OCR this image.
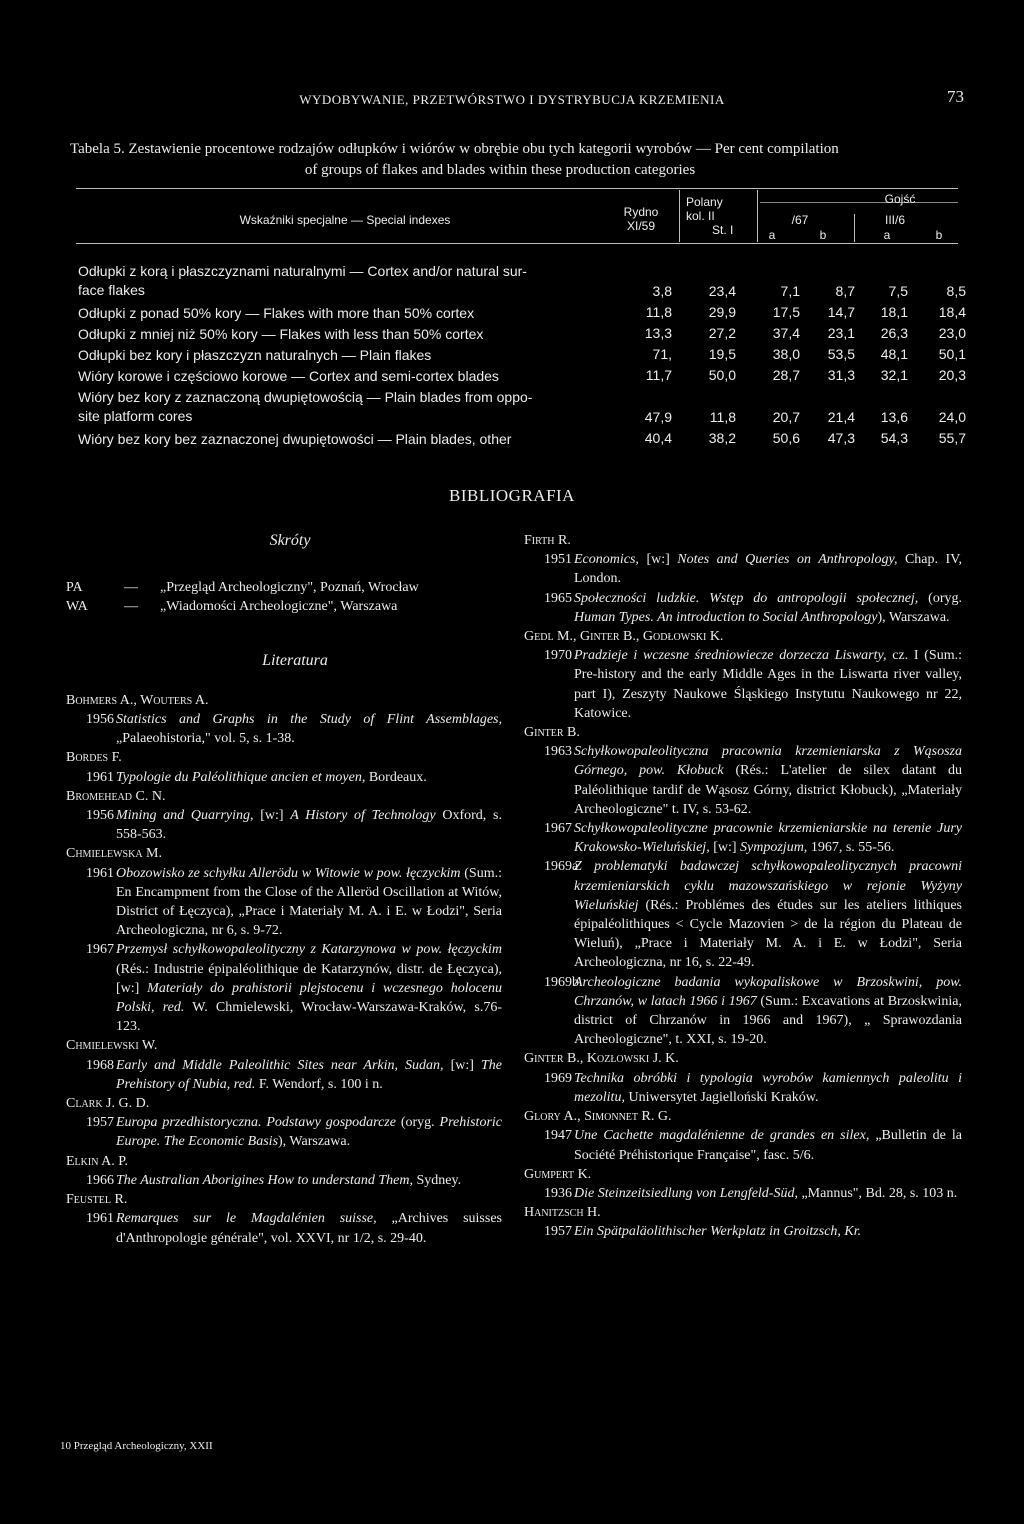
WYDOBYWANIE, PRZETWÓRSTWO I DYSTRYBUCJA KRZEMIENIA	73
Tabela 5. Zestawienie procentowe rodzajów odłupków i wiórów w obrębie obu tych kategorii wyrobów — Per cent compilation
of groups of flakes and blades within these production categories
Wskaźniki specjalne — Special indexes
Rydno
XI/59
Polany
kol. II
St. I
Gojść
/67	III/6
a	b	a	b
Odłupki z korą i płaszczyznami naturalnymi — Cortex and/or natural sur-
face flakes	3,8	23,4	7,1	8,7	7,5	8,5
Odłupki z ponad 50% kory — Flakes with more than 50% cortex	11,8	29,9	17,5	14,7	18,1	18,4
Odłupki z mniej niż 50% kory — Flakes with less than 50% cortex	13,3	27,2	37,4	23,1	26,3	23,0
Odłupki bez kory i płaszczyzn naturalnych — Plain flakes	71,	19,5	38,0	53,5	48,1	50,1
Wióry korowe i częściowo korowe — Cortex and semi-cortex blades	11,7	50,0	28,7	31,3	32,1	20,3
Wióry bez kory z zaznaczoną dwupiętowością — Plain blades from oppo-
site platform cores	47,9	11,8	20,7	21,4	13,6	24,0
Wióry bez kory bez zaznaczonej dwupiętowości — Plain blades, other	40,4	38,2	50,6	47,3	54,3	55,7
BIBLIOGRAFIA
Skróty
PA	—	„Przegląd Archeologiczny", Poznań, Wrocław
WA	—	„Wiadomości Archeologiczne", Warszawa
Literatura
Bohmers A., Wouters A.
1956 Statistics and Graphs in the Study of Flint Assemblages, „Palaeohistoria," vol. 5, s. 1-38.
Bordes F.
1961 Typologie du Paléolithique ancien et moyen, Bordeaux.
Bromehead C. N.
1956 Mining and Quarrying, [w:] A History of Technology Oxford, s. 558-563.
Chmielewska M.
1961 Obozowisko ze schyłku Allerödu w Witowie w pow. łęczyckim (Sum.: En Encampment from the Close of the Alleröd Oscillation at Witów, District of Łęczyca), „Prace i Materiały M. A. i E. w Łodzi", Seria Archeologiczna, nr 6, s. 9-72.
1967 Przemysł schyłkowopaleolityczny z Katarzynowa w pow. łęczyckim (Rés.: Industrie épipaléolithique de Katarzynów, distr. de Łęczyca), [w:] Materiały do prahistorii plejstocenu i wczesnego holocenu Polski, red. W. Chmielewski, Wrocław-Warszawa-Kraków, s.76-123.
Chmielewski W.
1968 Early and Middle Paleolithic Sites near Arkin, Sudan, [w:] The Prehistory of Nubia, red. F. Wendorf, s. 100 i n.
Clark J. G. D.
1957 Europa przedhistoryczna. Podstawy gospodarcze (oryg. Prehistoric Europe. The Economic Basis), Warszawa.
Elkin A. P.
1966 The Australian Aborigines How to understand Them, Sydney.
Feustel R.
1961 Remarques sur le Magdalénien suisse, „Archives suisses d'Anthropologie générale", vol. XXVI, nr 1/2, s. 29-40.
Firth R.
1951 Economics, [w:] Notes and Queries on Anthropology, Chap. IV, London.
1965 Społeczności ludzkie. Wstęp do antropologii społecznej, (oryg. Human Types. An introduction to Social Anthropology), Warszawa.
Gedl M., Ginter B., Godłowski K.
1970 Pradzieje i wczesne średniowiecze dorzecza Liswarty, cz. I (Sum.: Pre-history and the early Middle Ages in the Liswarta river valley, part I), Zeszyty Naukowe Śląskiego Instytutu Naukowego nr 22, Katowice.
Ginter B.
1963 Schyłkowopaleolityczna pracownia krzemieniarska z Wąsosza Górnego, pow. Kłobuck (Rés.: L'atelier de silex datant du Paléolithique tardif de Wąsosz Górny, district Kłobuck), „Materiały Archeologiczne" t. IV, s. 53-62.
1967 Schyłkowopaleolityczne pracownie krzemieniarskie na terenie Jury Krakowsko-Wieluńskiej, [w:] Sympozjum, 1967, s. 55-56.
1969a
Z problematyki badawczej schyłkowopaleolitycznych pracowni krzemieniarskich cyklu mazowszańskiego w rejonie Wyżyny Wieluńskiej (Rés.: Problémes des études sur les ateliers lithiques épipaléolithiques < Cycle Mazovien > de la région du Plateau de Wieluń), „Prace i Materiały M. A. i E. w Łodzi", Seria Archeologiczna, nr 16, s. 22-49.
1969b
Archeologiczne badania wykopaliskowe w Brzoskwini, pow. Chrzanów, w latach 1966 i 1967 (Sum.: Excavations at Brzoskwinia, district of Chrzanów in 1966 and 1967), „ Sprawozdania Archeologiczne", t. XXI, s. 19-20.
Ginter B., Kozłowski J. K.
1969 Technika obróbki i typologia wyrobów kamiennych paleolitu i mezolitu, Uniwersytet Jagielloński Kraków.
Glory A., Simonnet R. G.
1947 Une Cachette magdalénienne de grandes en silex, „Bulletin de la Société Préhistorique Française", fasc. 5/6.
Gumpert K.
1936 Die Steinzeitsiedlung von Lengfeld-Süd, „Mannus", Bd. 28, s. 103 n.
Hanitzsch H.
1957 Ein Spätpaläolithischer Werkplatz in Groitzsch, Kr.
10 Przegląd Archeologiczny, XXII
